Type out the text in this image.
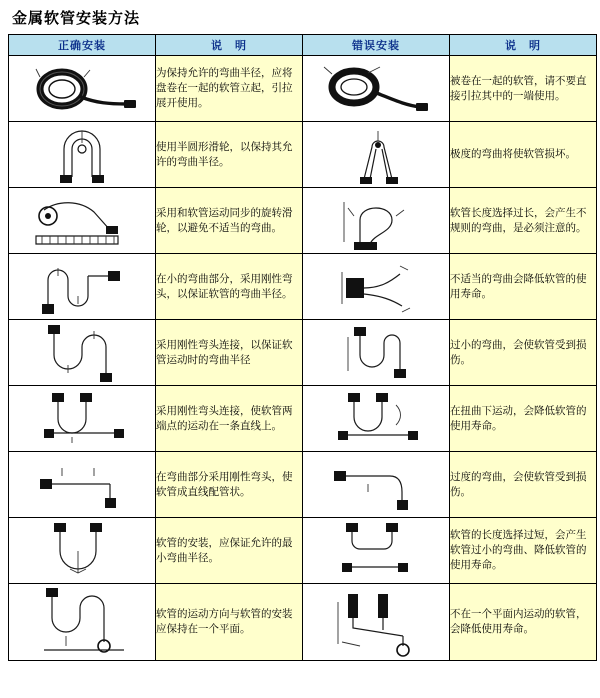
金属软管安装方法
正确安装	说　明	错误安装	说　明

	为保持允许的弯曲半径，应将盘卷在一起的软管立起，引拉展开使用。		被卷在一起的软管，请不要直接引拉其中的一端使用。

	使用半圆形滑轮，以保持其允许的弯曲半径。		极度的弯曲将使软管损坏。

	采用和软管运动同步的旋转滑轮，以避免不适当的弯曲。		软管长度选择过长，会产生不规则的弯曲，是必须注意的。

	在小的弯曲部分，采用刚性弯头，以保证软管的弯曲半径。		不适当的弯曲会降低软管的使用寿命。

	采用刚性弯头连接，以保证软管运动时的弯曲半径		过小的弯曲，会使软管受到损伤。

	采用刚性弯头连接，使软管两端点的运动在一条直线上。		在扭曲下运动，会降低软管的使用寿命。

	在弯曲部分采用刚性弯头，使软管成直线配管状。		过度的弯曲，会使软管受到损伤。

	软管的安装，应保证允许的最小弯曲半径。		软管的长度选择过短，会产生软管过小的弯曲、降低软管的使用寿命。

	软管的运动方向与软管的安装应保持在一个平面。		不在一个平面内运动的软管，会降低使用寿命。
